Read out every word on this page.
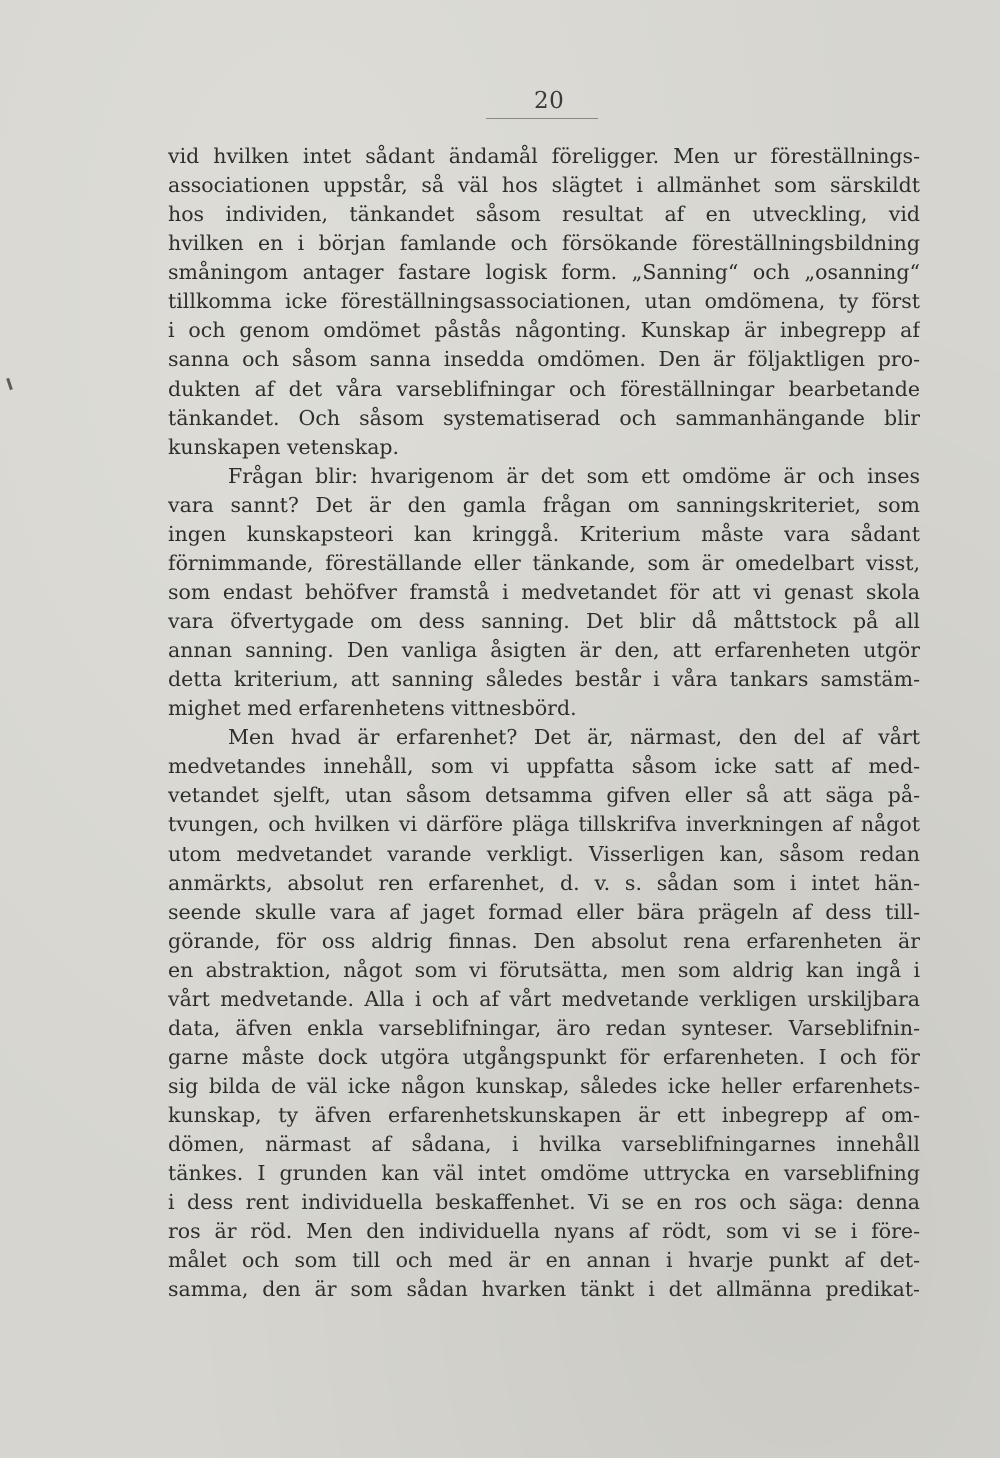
20
vid hvilken intet sådant ändamål föreligger. Men ur föreställnings-
associationen uppstår, så väl hos slägtet i allmänhet som särskildt
hos individen, tänkandet såsom resultat af en utveckling, vid
hvilken en i början famlande och försökande föreställningsbildning
småningom antager fastare logisk form. „Sanning“ och „osanning“
tillkomma icke föreställningsassociationen, utan omdömena, ty först
i och genom omdömet påstås någonting. Kunskap är inbegrepp af
sanna och såsom sanna insedda omdömen. Den är följaktligen pro-
dukten af det våra varseblifningar och föreställningar bearbetande
tänkandet. Och såsom systematiserad och sammanhängande blir
kunskapen vetenskap.
Frågan blir: hvarigenom är det som ett omdöme är och inses
vara sannt? Det är den gamla frågan om sanningskriteriet, som
ingen kunskapsteori kan kringgå. Kriterium måste vara sådant
förnimmande, föreställande eller tänkande, som är omedelbart visst,
som endast behöfver framstå i medvetandet för att vi genast skola
vara öfvertygade om dess sanning. Det blir då måttstock på all
annan sanning. Den vanliga åsigten är den, att erfarenheten utgör
detta kriterium, att sanning således består i våra tankars samstäm-
mighet med erfarenhetens vittnesbörd.
Men hvad är erfarenhet? Det är, närmast, den del af vårt
medvetandes innehåll, som vi uppfatta såsom icke satt af med-
vetandet sjelft, utan såsom detsamma gifven eller så att säga på-
tvungen, och hvilken vi därföre pläga tillskrifva inverkningen af något
utom medvetandet varande verkligt. Visserligen kan, såsom redan
anmärkts, absolut ren erfarenhet, d. v. s. sådan som i intet hän-
seende skulle vara af jaget formad eller bära prägeln af dess till-
görande, för oss aldrig finnas. Den absolut rena erfarenheten är
en abstraktion, något som vi förutsätta, men som aldrig kan ingå i
vårt medvetande. Alla i och af vårt medvetande verkligen urskiljbara
data, äfven enkla varseblifningar, äro redan synteser. Varseblifnin-
garne måste dock utgöra utgångspunkt för erfarenheten. I och för
sig bilda de väl icke någon kunskap, således icke heller erfarenhets-
kunskap, ty äfven erfarenhetskunskapen är ett inbegrepp af om-
dömen, närmast af sådana, i hvilka varseblifningarnes innehåll
tänkes. I grunden kan väl intet omdöme uttrycka en varseblifning
i dess rent individuella beskaffenhet. Vi se en ros och säga: denna
ros är röd. Men den individuella nyans af rödt, som vi se i före-
målet och som till och med är en annan i hvarje punkt af det-
samma, den är som sådan hvarken tänkt i det allmänna predikat-
